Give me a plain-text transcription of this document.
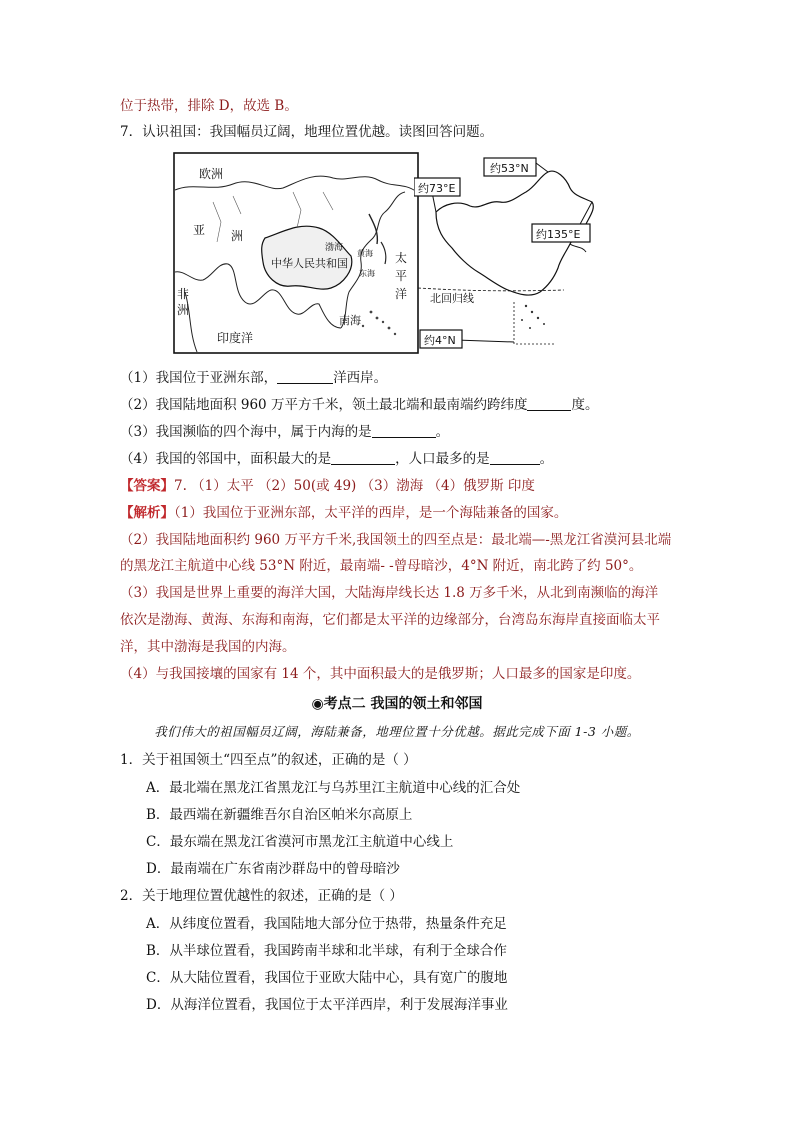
位于热带，排除 D，故选 B。
7．认识祖国：我国幅员辽阔，地理位置优越。读图回答问题。
欧洲
亚 洲
中华人民共和国
渤海
黄海
东海
太
平
洋
非
洲
印度洋
南海
约53°N
约73°E
约135°E
北回归线
约4°N
（1）我国位于亚洲东部，	洋西岸。
（2）我国陆地面积 960 万平方千米，领土最北端和最南端约跨纬度	度。
（3）我国濒临的四个海中，属于内海的是	。
（4）我国的邻国中，面积最大的是	，人口最多的是	。
【答案】7. （1）太平 （2）50(或 49) （3）渤海 （4）俄罗斯 印度
【解析】（1）我国位于亚洲东部，太平洋的西岸，是一个海陆兼备的国家。
（2）我国陆地面积约 960 万平方千米,我国领土的四至点是：最北端—-黑龙江省漠河县北端
的黑龙江主航道中心线 53°N 附近，最南端- -曾母暗沙，4°N 附近，南北跨了约 50°。
（3）我国是世界上重要的海洋大国，大陆海岸线长达 1.8 万多千米，从北到南濒临的海洋
依次是渤海、黄海、东海和南海，它们都是太平洋的边缘部分，台湾岛东海岸直接面临太平
洋，其中渤海是我国的内海。
（4）与我国接壤的国家有 14 个，其中面积最大的是俄罗斯；人口最多的国家是印度。
◉考点二 我国的领土和邻国
我们伟大的祖国幅员辽阔，海陆兼备，地理位置十分优越。据此完成下面 1-3 小题。
1．关于祖国领土“四至点”的叙述，正确的是（ ）
A．最北端在黑龙江省黑龙江与乌苏里江主航道中心线的汇合处
B．最西端在新疆维吾尔自治区帕米尔高原上
C．最东端在黑龙江省漠河市黑龙江主航道中心线上
D．最南端在广东省南沙群岛中的曾母暗沙
2．关于地理位置优越性的叙述，正确的是（ ）
A．从纬度位置看，我国陆地大部分位于热带，热量条件充足
B．从半球位置看，我国跨南半球和北半球，有利于全球合作
C．从大陆位置看，我国位于亚欧大陆中心，具有宽广的腹地
D．从海洋位置看，我国位于太平洋西岸，利于发展海洋事业
